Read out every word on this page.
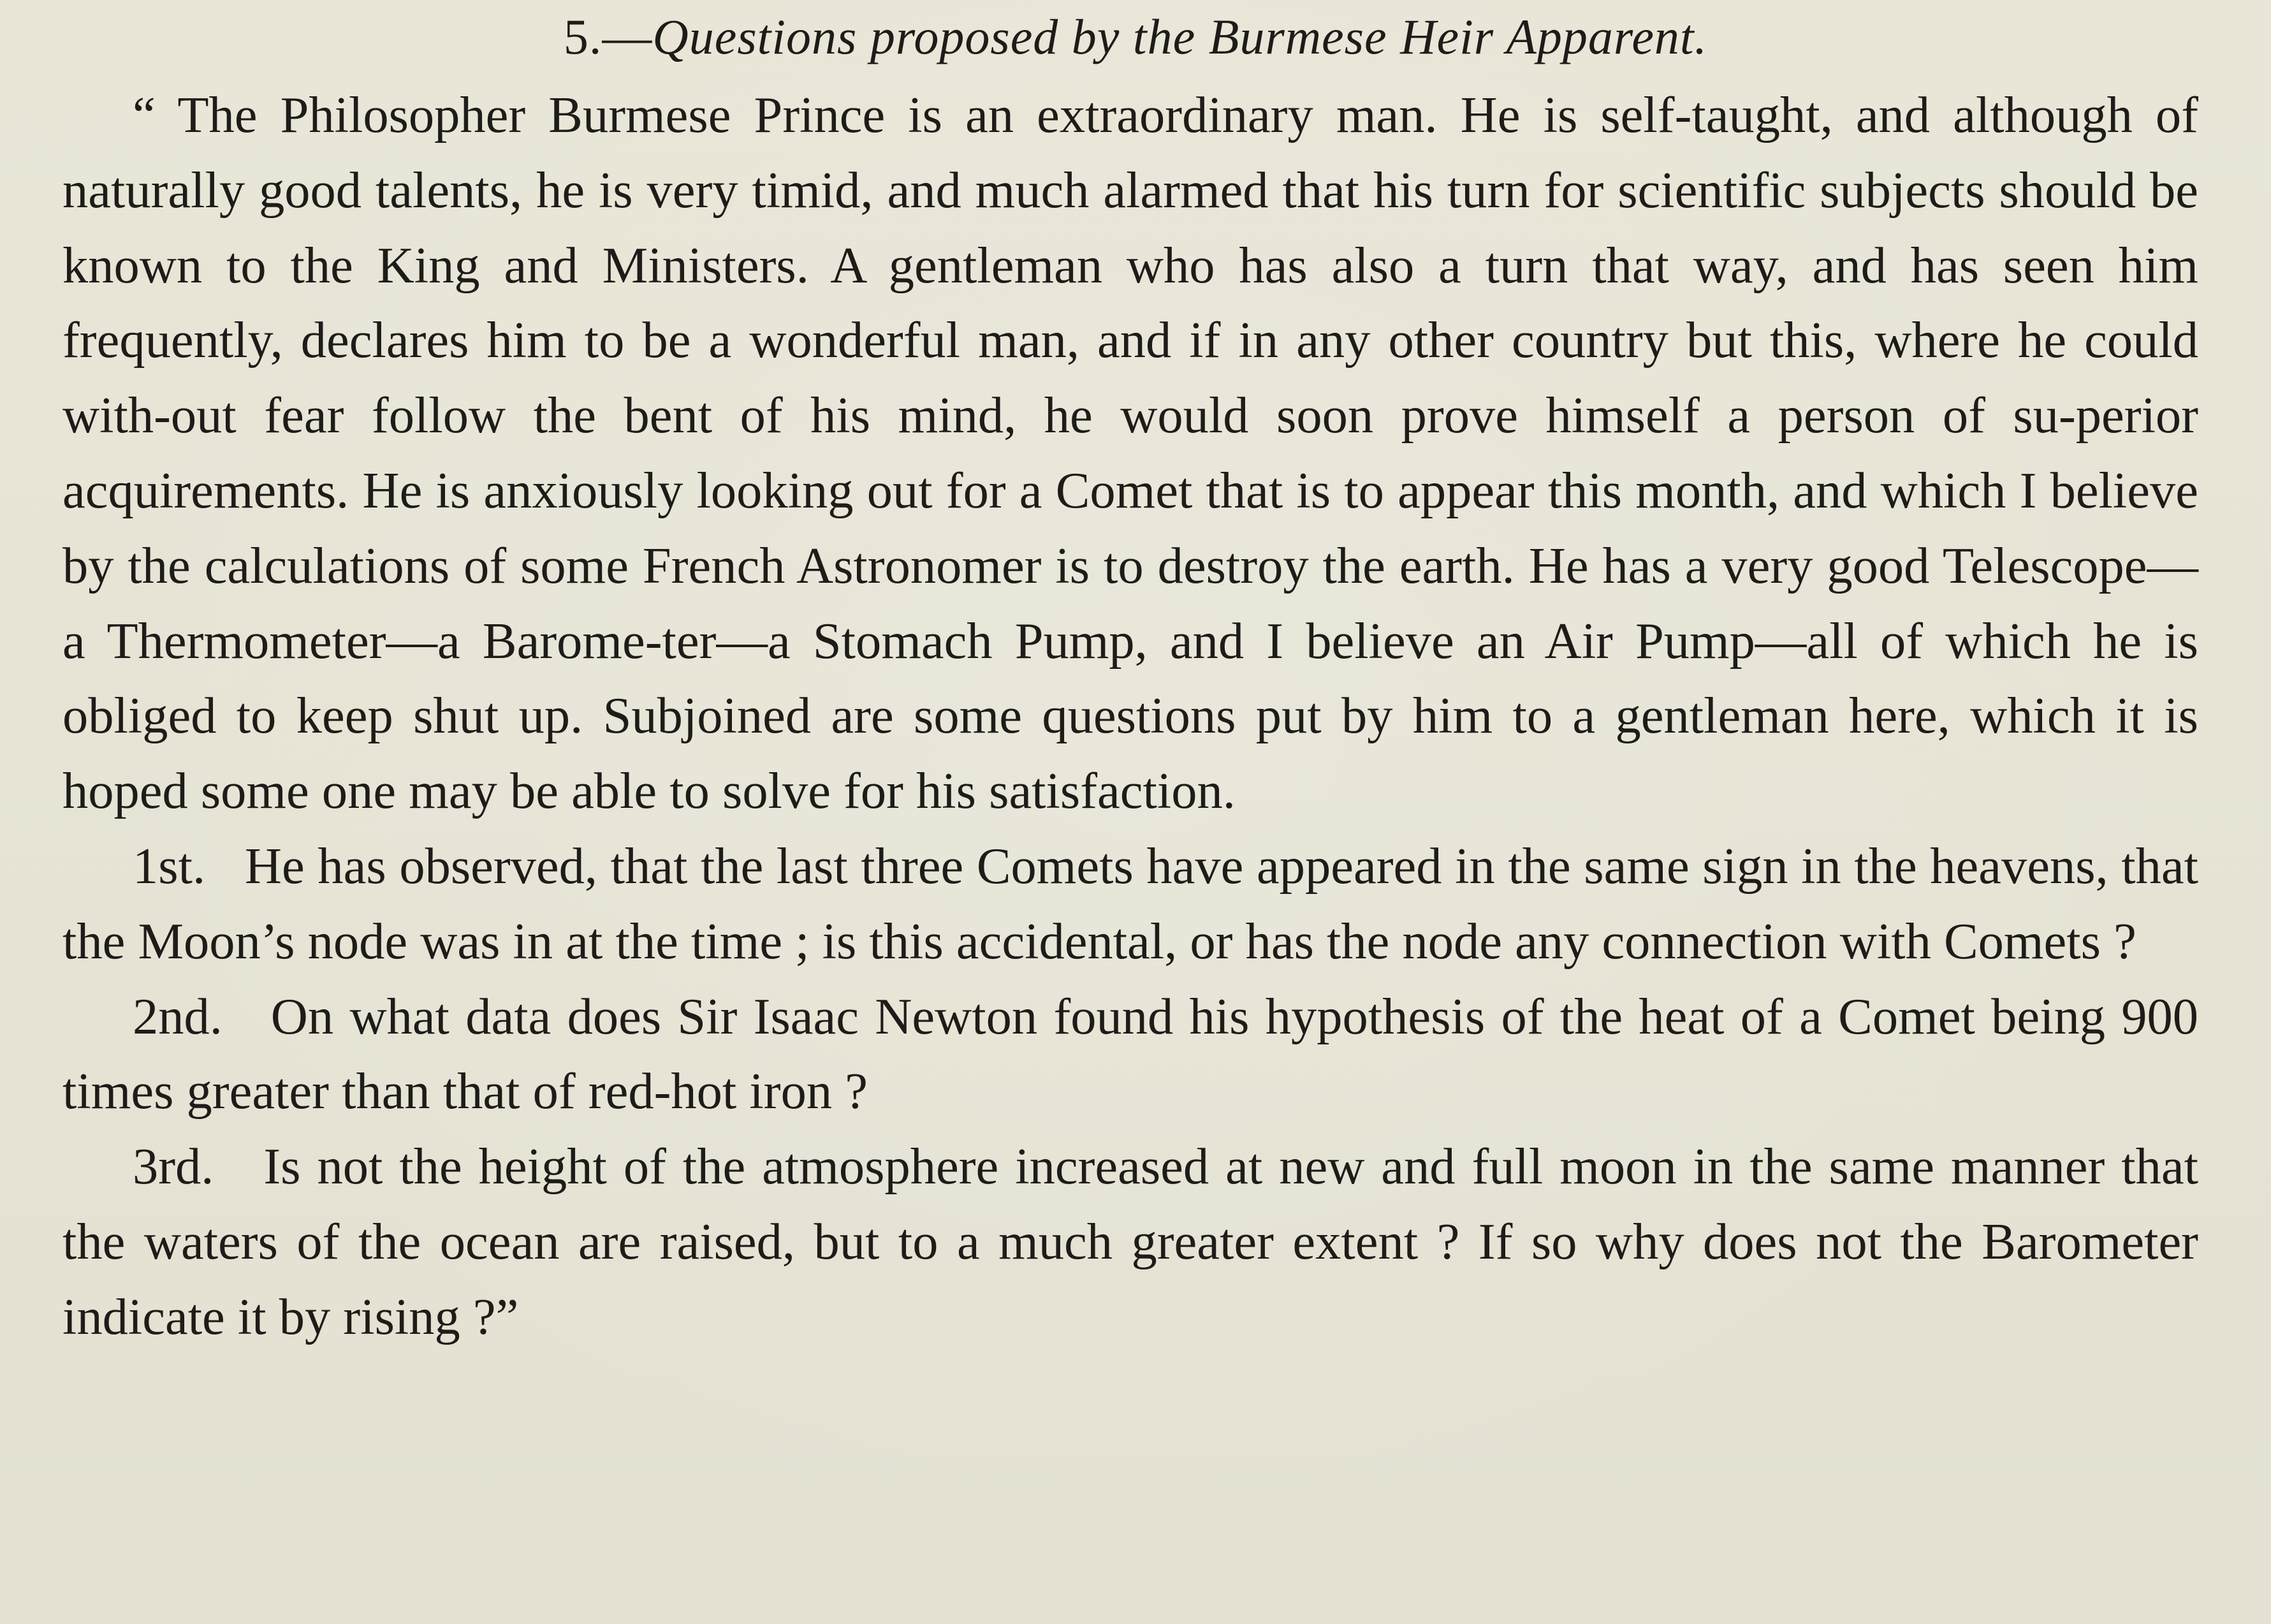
5.—Questions proposed by the Burmese Heir Apparent.

“ The Philosopher Burmese Prince is an extraordinary man. He is self-taught, and although of naturally good talents, he is very timid, and much alarmed that his turn for scientific subjects should be known to the King and Ministers. A gentleman who has also a turn that way, and has seen him frequently, declares him to be a wonderful man, and if in any other country but this, where he could with-out fear follow the bent of his mind, he would soon prove himself a person of su-perior acquirements. He is anxiously looking out for a Comet that is to appear this month, and which I believe by the calculations of some French Astronomer is to destroy the earth. He has a very good Telescope—a Thermometer—a Barome-ter—a Stomach Pump, and I believe an Air Pump—all of which he is obliged to keep shut up. Subjoined are some questions put by him to a gentleman here, which it is hoped some one may be able to solve for his satisfaction.

1st. He has observed, that the last three Comets have appeared in the same sign in the heavens, that the Moon’s node was in at the time ; is this accidental, or has the node any connection with Comets ?

2nd. On what data does Sir Isaac Newton found his hypothesis of the heat of a Comet being 900 times greater than that of red-hot iron ?

3rd. Is not the height of the atmosphere increased at new and full moon in the same manner that the waters of the ocean are raised, but to a much greater extent ? If so why does not the Barometer indicate it by rising ?”
